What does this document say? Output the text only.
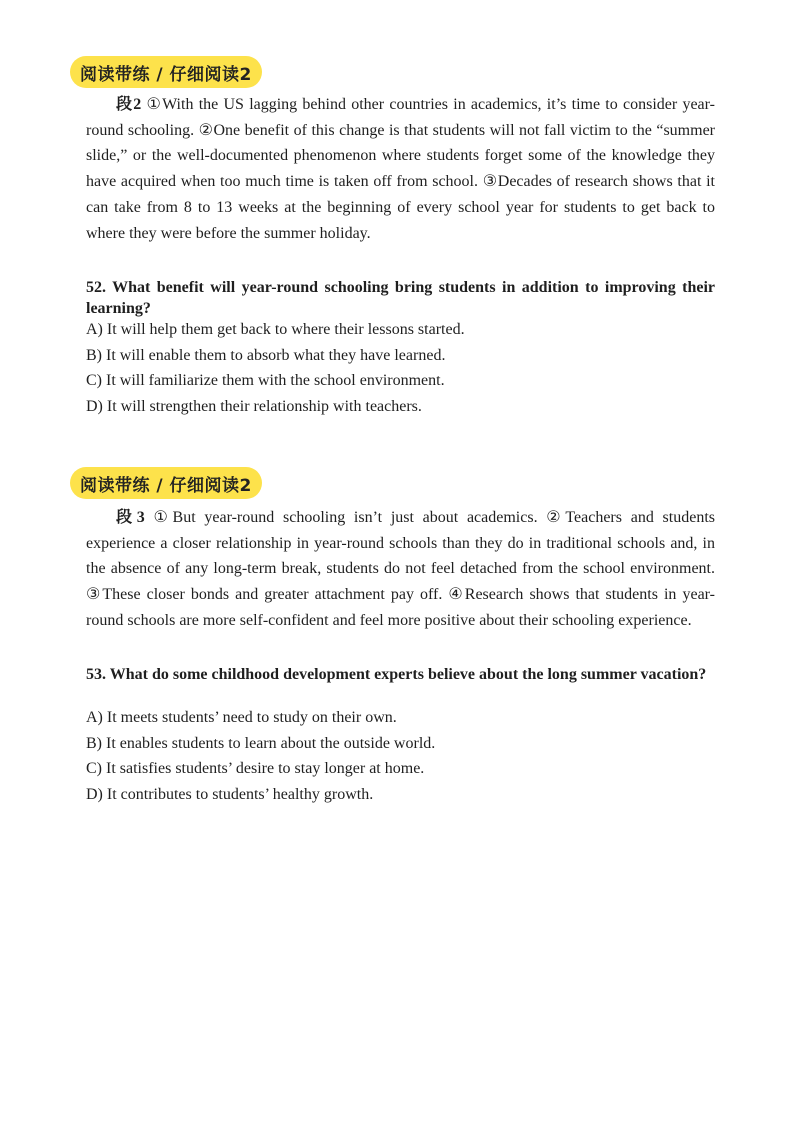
阅读带练 / 仔细阅读2

段2 ①With the US lagging behind other countries in academics, it’s time to consider year-round schooling. ②One benefit of this change is that students will not fall victim to the “summer slide,” or the well-documented phenomenon where students forget some of the knowledge they have acquired when too much time is taken off from school. ③Decades of research shows that it can take from 8 to 13 weeks at the beginning of every school year for students to get back to where they were before the summer holiday.

52. What benefit will year-round schooling bring students in addition to improving their learning?

A) It will help them get back to where their lessons started.
B) It will enable them to absorb what they have learned.
C) It will familiarize them with the school environment.
D) It will strengthen their relationship with teachers.
阅读带练 / 仔细阅读2

段3 ①But year-round schooling isn’t just about academics. ②Teachers and students experience a closer relationship in year-round schools than they do in traditional schools and, in the absence of any long-term break, students do not feel detached from the school environment. ③These closer bonds and greater attachment pay off. ④Research shows that students in year-round schools are more self-confident and feel more positive about their schooling experience.

53. What do some childhood development experts believe about the long summer vacation?

A) It meets students’ need to study on their own.
B) It enables students to learn about the outside world.
C) It satisfies students’ desire to stay longer at home.
D) It contributes to students’ healthy growth.
